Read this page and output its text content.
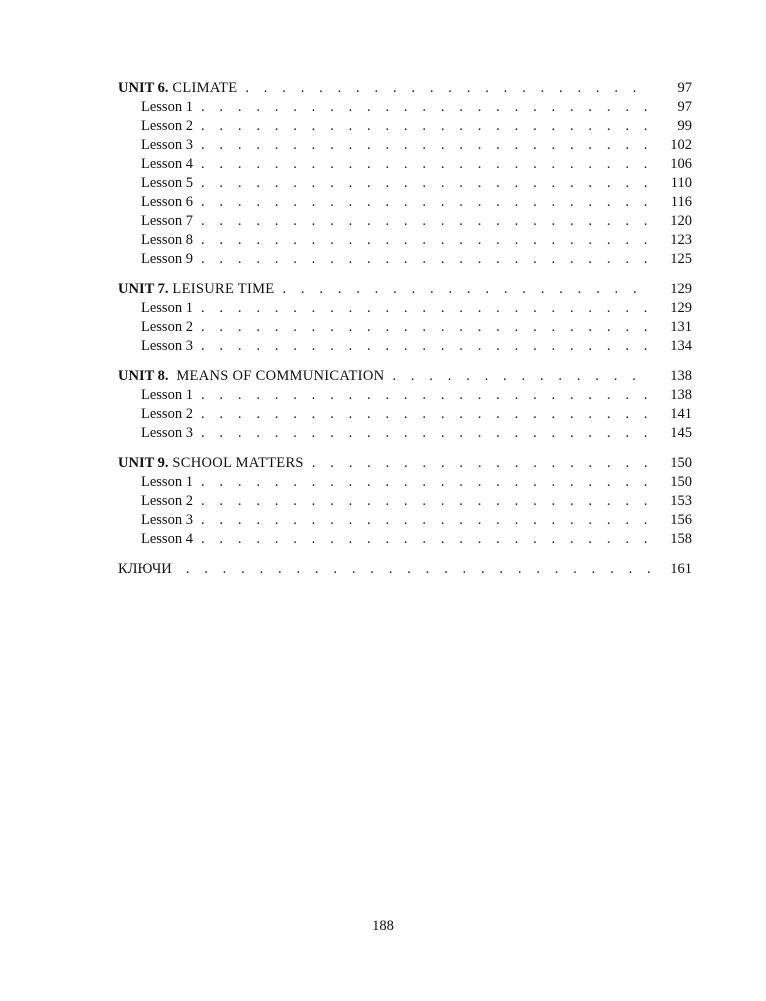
UNIT 6. CLIMATE . . .	97
Lesson 1 . . .	97
Lesson 2 . . .	99
Lesson 3 . . .	102
Lesson 4 . . .	106
Lesson 5 . . .	110
Lesson 6 . . .	116
Lesson 7 . . .	120
Lesson 8 . . .	123
Lesson 9 . . .	125
UNIT 7. LEISURE TIME . . .	129
Lesson 1 . . .	129
Lesson 2 . . .	131
Lesson 3 . . .	134
UNIT 8.  MEANS OF COMMUNICATION . . .	138
Lesson 1 . . .	138
Lesson 2 . . .	141
Lesson 3 . . .	145
UNIT 9. SCHOOL MATTERS . . .	150
Lesson 1 . . .	150
Lesson 2 . . .	153
Lesson 3 . . .	156
Lesson 4 . . .	158
КЛЮЧИ . . .	161
188
